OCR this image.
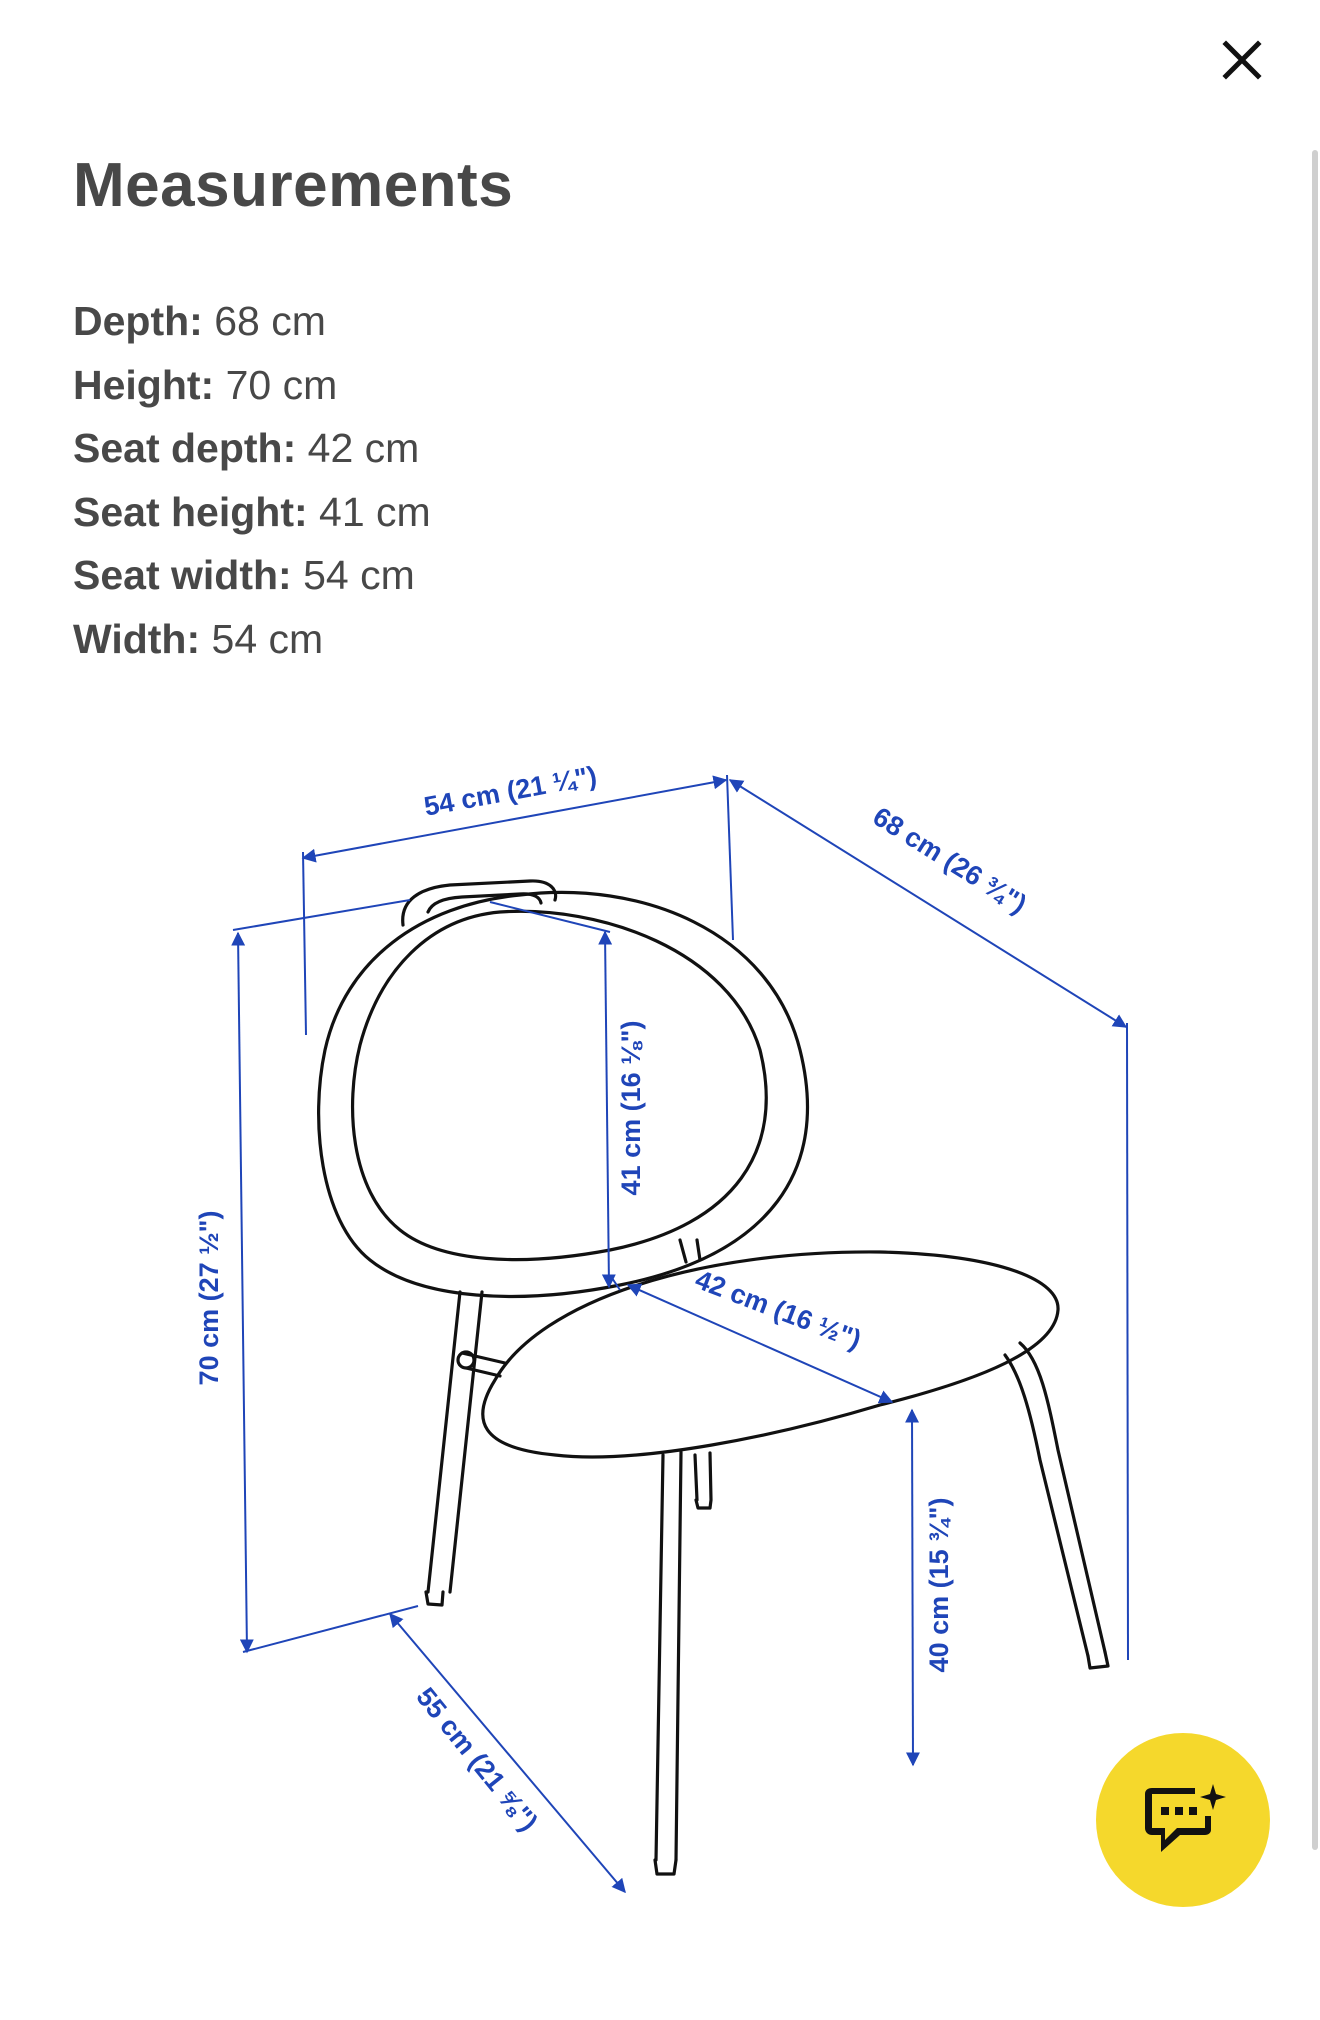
Measurements
Depth: 68 cm
Height: 70 cm
Seat depth: 42 cm
Seat height: 41 cm
Seat width: 54 cm
Width: 54 cm
54 cm (21 ¼")
68 cm (26 ¾")
70 cm (27 ½")
41 cm (16 ⅛")
42 cm (16 ½")
40 cm (15 ¾")
55 cm (21 ⅝")
